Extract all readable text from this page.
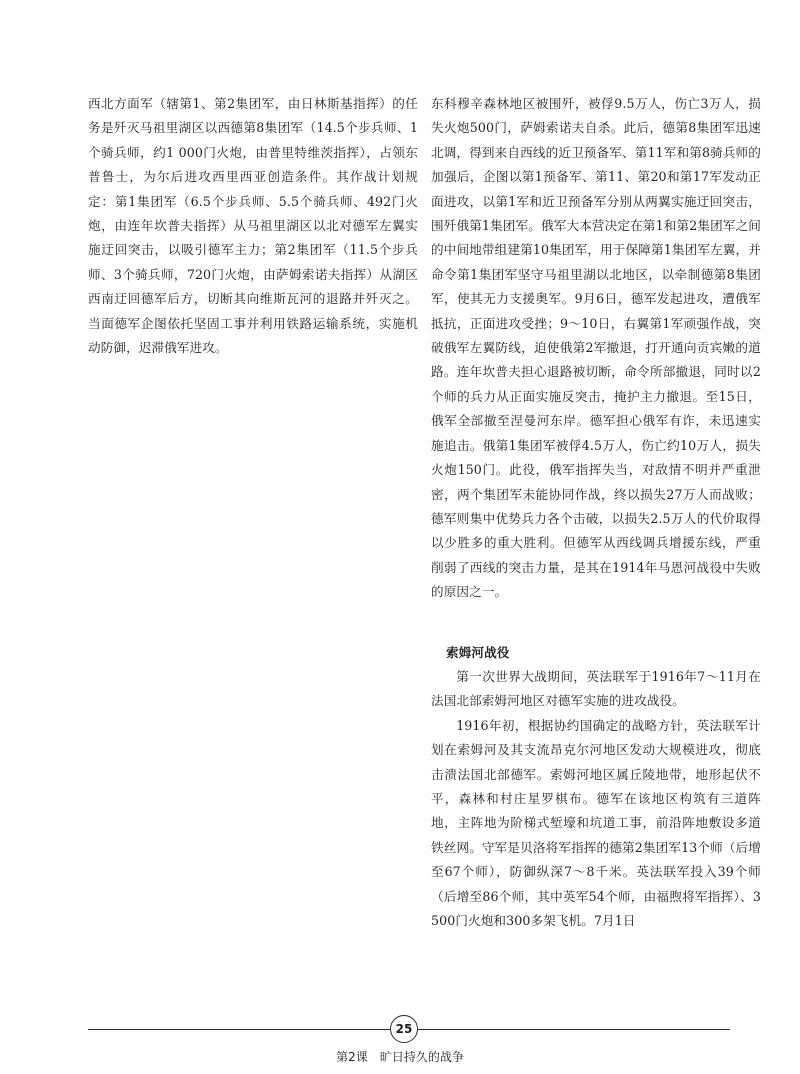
西北方面军（辖第1、第2集团军，由日林斯基指挥）的任务是歼灭马祖里湖区以西德第8集团军（14.5个步兵师、1个骑兵师，约1 000门火炮，由普里特维茨指挥），占领东普鲁士，为尔后进攻西里西亚创造条件。其作战计划规定：第1集团军（6.5个步兵师、5.5个骑兵师、492门火炮，由连年坎普夫指挥）从马祖里湖区以北对德军左翼实施迂回突击，以吸引德军主力；第2集团军（11.5个步兵师、3个骑兵师，720门火炮，由萨姆索诺夫指挥）从湖区西南迂回德军后方，切断其向维斯瓦河的退路并歼灭之。当面德军企图依托坚固工事并利用铁路运输系统，实施机动防御，迟滞俄军进攻。

东科穆辛森林地区被围歼，被俘9.5万人，伤亡3万人，损失火炮500门，萨姆索诺夫自杀。此后，德第8集团军迅速北调，得到来自西线的近卫预备军、第11军和第8骑兵师的加强后，企图以第1预备军、第11、第20和第17军发动正面进攻，以第1军和近卫预备军分别从两翼实施迂回突击，围歼俄第1集团军。俄军大本营决定在第1和第2集团军之间的中间地带组建第10集团军，用于保障第1集团军左翼，并命令第1集团军坚守马祖里湖以北地区，以牵制德第8集团军，使其无力支援奥军。9月6日，德军发起进攻，遭俄军抵抗，正面进攻受挫；9～10日，右翼第1军顽强作战，突破俄军左翼防线，迫使俄第2军撤退，打开通向贡宾嫩的道路。连年坎普夫担心退路被切断，命令所部撤退，同时以2个师的兵力从正面实施反突击，掩护主力撤退。至15日，俄军全部撤至涅曼河东岸。德军担心俄军有诈，未迅速实施追击。俄第1集团军被俘4.5万人，伤亡约10万人，损失火炮150门。此役，俄军指挥失当，对敌情不明并严重泄密，两个集团军未能协同作战，终以损失27万人而战败；德军则集中优势兵力各个击破，以损失2.5万人的代价取得以少胜多的重大胜利。但德军从西线调兵增援东线，严重削弱了西线的突击力量，是其在1914年马恩河战役中失败的原因之一。

索姆河战役

第一次世界大战期间，英法联军于1916年7～11月在法国北部索姆河地区对德军实施的进攻战役。

1916年初，根据协约国确定的战略方针，英法联军计划在索姆河及其支流昂克尔河地区发动大规模进攻，彻底击溃法国北部德军。索姆河地区属丘陵地带，地形起伏不平，森林和村庄星罗棋布。德军在该地区构筑有三道阵地，主阵地为阶梯式堑壕和坑道工事，前沿阵地敷设多道铁丝网。守军是贝洛将军指挥的德第2集团军13个师（后增至67个师），防御纵深7～8千米。英法联军投入39个师（后增至86个师，其中英军54个师，由福煦将军指挥）、3 500门火炮和300多架飞机。7月1日

25
第2课 旷日持久的战争
